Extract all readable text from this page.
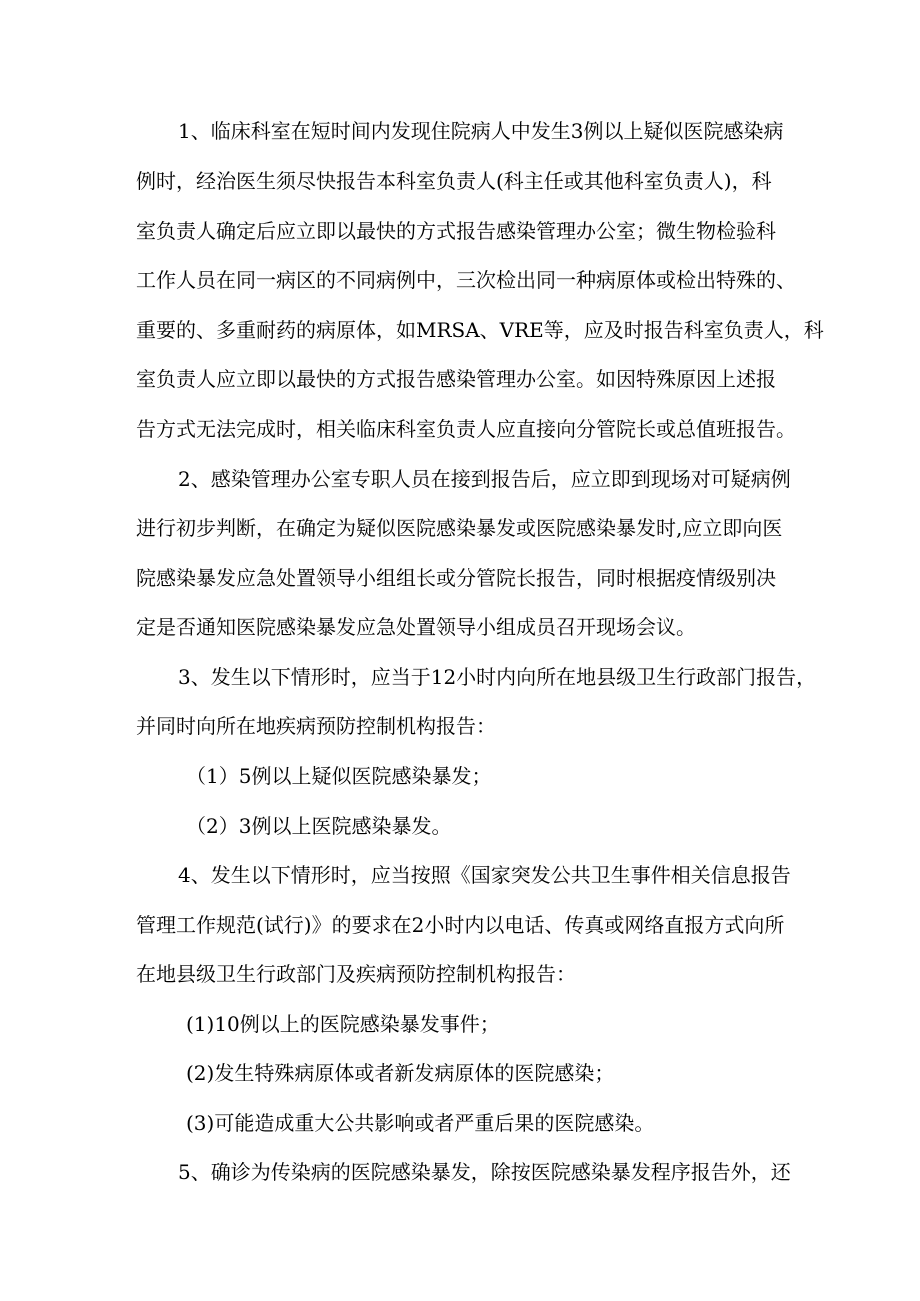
1、临床科室在短时间内发现住院病人中发生3例以上疑似医院感染病
例时，经治医生须尽快报告本科室负责人(科主任或其他科室负责人)，科
室负责人确定后应立即以最快的方式报告感染管理办公室；微生物检验科
工作人员在同一病区的不同病例中，三次检出同一种病原体或检出特殊的、
重要的、多重耐药的病原体，如MRSA、VRE等，应及时报告科室负责人，科
室负责人应立即以最快的方式报告感染管理办公室。如因特殊原因上述报
告方式无法完成时，相关临床科室负责人应直接向分管院长或总值班报告。
2、感染管理办公室专职人员在接到报告后，应立即到现场对可疑病例
进行初步判断，在确定为疑似医院感染暴发或医院感染暴发时,应立即向医
院感染暴发应急处置领导小组组长或分管院长报告，同时根据疫情级别决
定是否通知医院感染暴发应急处置领导小组成员召开现场会议。
3、发生以下情形时，应当于12小时内向所在地县级卫生行政部门报告，
并同时向所在地疾病预防控制机构报告：
（1）5例以上疑似医院感染暴发；
（2）3例以上医院感染暴发。
4、发生以下情形时，应当按照《国家突发公共卫生事件相关信息报告
管理工作规范(试行)》的要求在2小时内以电话、传真或网络直报方式向所
在地县级卫生行政部门及疾病预防控制机构报告：
(1)10例以上的医院感染暴发事件；
(2)发生特殊病原体或者新发病原体的医院感染；
(3)可能造成重大公共影响或者严重后果的医院感染。
5、确诊为传染病的医院感染暴发，除按医院感染暴发程序报告外，还
